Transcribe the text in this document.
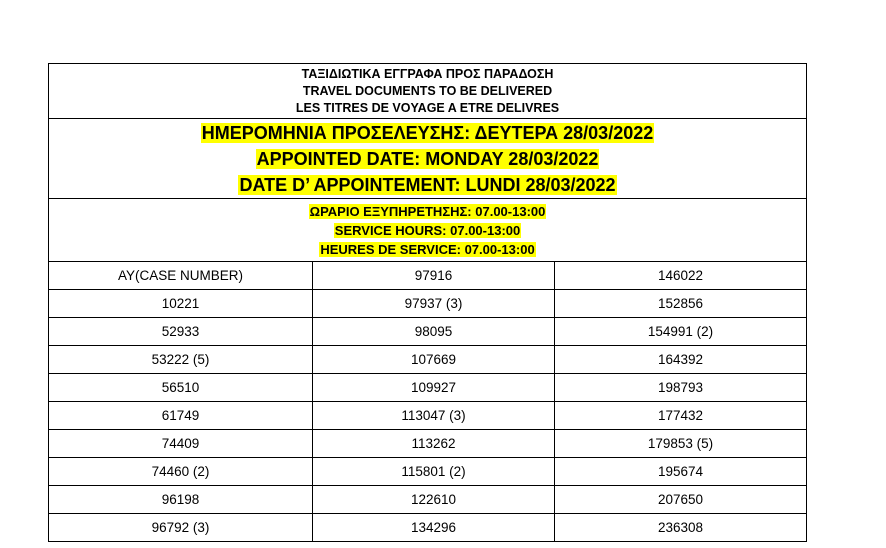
ΤΑΞΙΔΙΩΤΙΚΑ ΕΓΓΡΑΦΑ ΠΡΟΣ ΠΑΡΑΔΟΣΗ
TRAVEL DOCUMENTS TO BE DELIVERED
LES TITRES DE VOYAGE A ETRE DELIVRES		

ΗΜΕΡΟΜΗΝΙΑ ΠΡΟΣΕΛΕΥΣΗΣ: ΔΕΥΤΕΡΑ 28/03/2022
APPOINTED DATE: MONDAY 28/03/2022
DATE D’ APPOINTEMENT: LUNDI 28/03/2022		

ΩΡΑΡΙΟ ΕΞΥΠΗΡΕΤΗΣΗΣ: 07.00-13:00
SERVICE HOURS: 07.00-13:00
HEURES DE SERVICE: 07.00-13:00		

AY(CASE NUMBER)	97916	146022
10221	97937 (3)	152856
52933	98095	154991 (2)
53222 (5)	107669	164392
56510	109927	198793
61749	113047 (3)	177432
74409	113262	179853 (5)
74460 (2)	115801 (2)	195674
96198	122610	207650
96792 (3)	134296	236308
